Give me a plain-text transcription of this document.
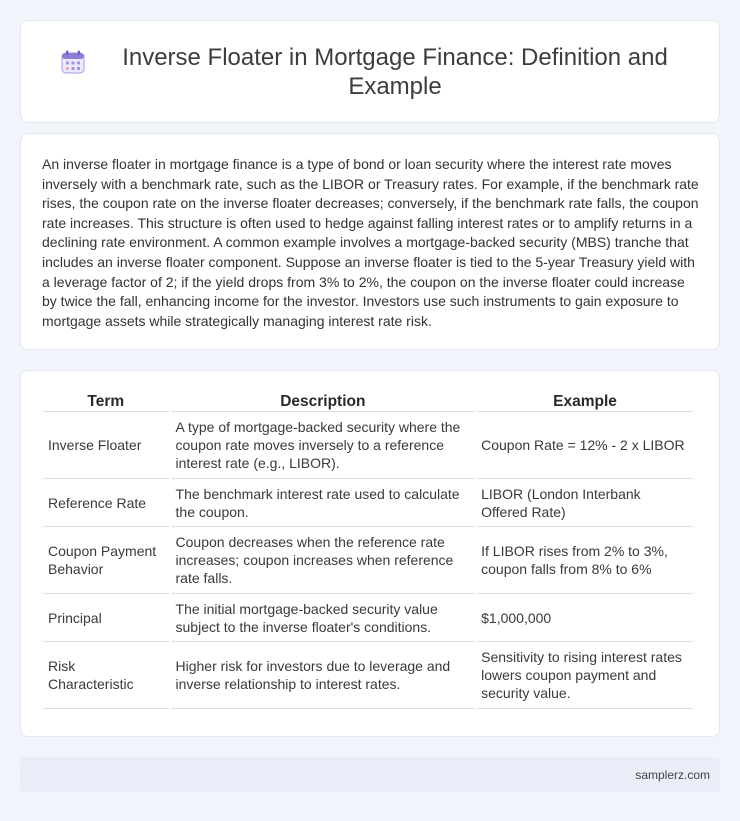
Inverse Floater in Mortgage Finance: Definition and Example

An inverse floater in mortgage finance is a type of bond or loan security where the interest rate moves inversely with a benchmark rate, such as the LIBOR or Treasury rates. For example, if the benchmark rate rises, the coupon rate on the inverse floater decreases; conversely, if the benchmark rate falls, the coupon rate increases. This structure is often used to hedge against falling interest rates or to amplify returns in a declining rate environment. A common example involves a mortgage-backed security (MBS) tranche that includes an inverse floater component. Suppose an inverse floater is tied to the 5-year Treasury yield with a leverage factor of 2; if the yield drops from 3% to 2%, the coupon on the inverse floater could increase by twice the fall, enhancing income for the investor. Investors use such instruments to gain exposure to mortgage assets while strategically managing interest rate risk.

Term	Description	Example
Inverse Floater	A type of mortgage-backed security where the coupon rate moves inversely to a reference interest rate (e.g., LIBOR).	Coupon Rate = 12% - 2 x LIBOR
Reference Rate	The benchmark interest rate used to calculate the coupon.	LIBOR (London Interbank Offered Rate)
Coupon Payment Behavior	Coupon decreases when the reference rate increases; coupon increases when reference rate falls.	If LIBOR rises from 2% to 3%, coupon falls from 8% to 6%
Principal	The initial mortgage-backed security value subject to the inverse floater's conditions.	$1,000,000
Risk Characteristic	Higher risk for investors due to leverage and inverse relationship to interest rates.	Sensitivity to rising interest rates lowers coupon payment and security value.
samplerz.com
